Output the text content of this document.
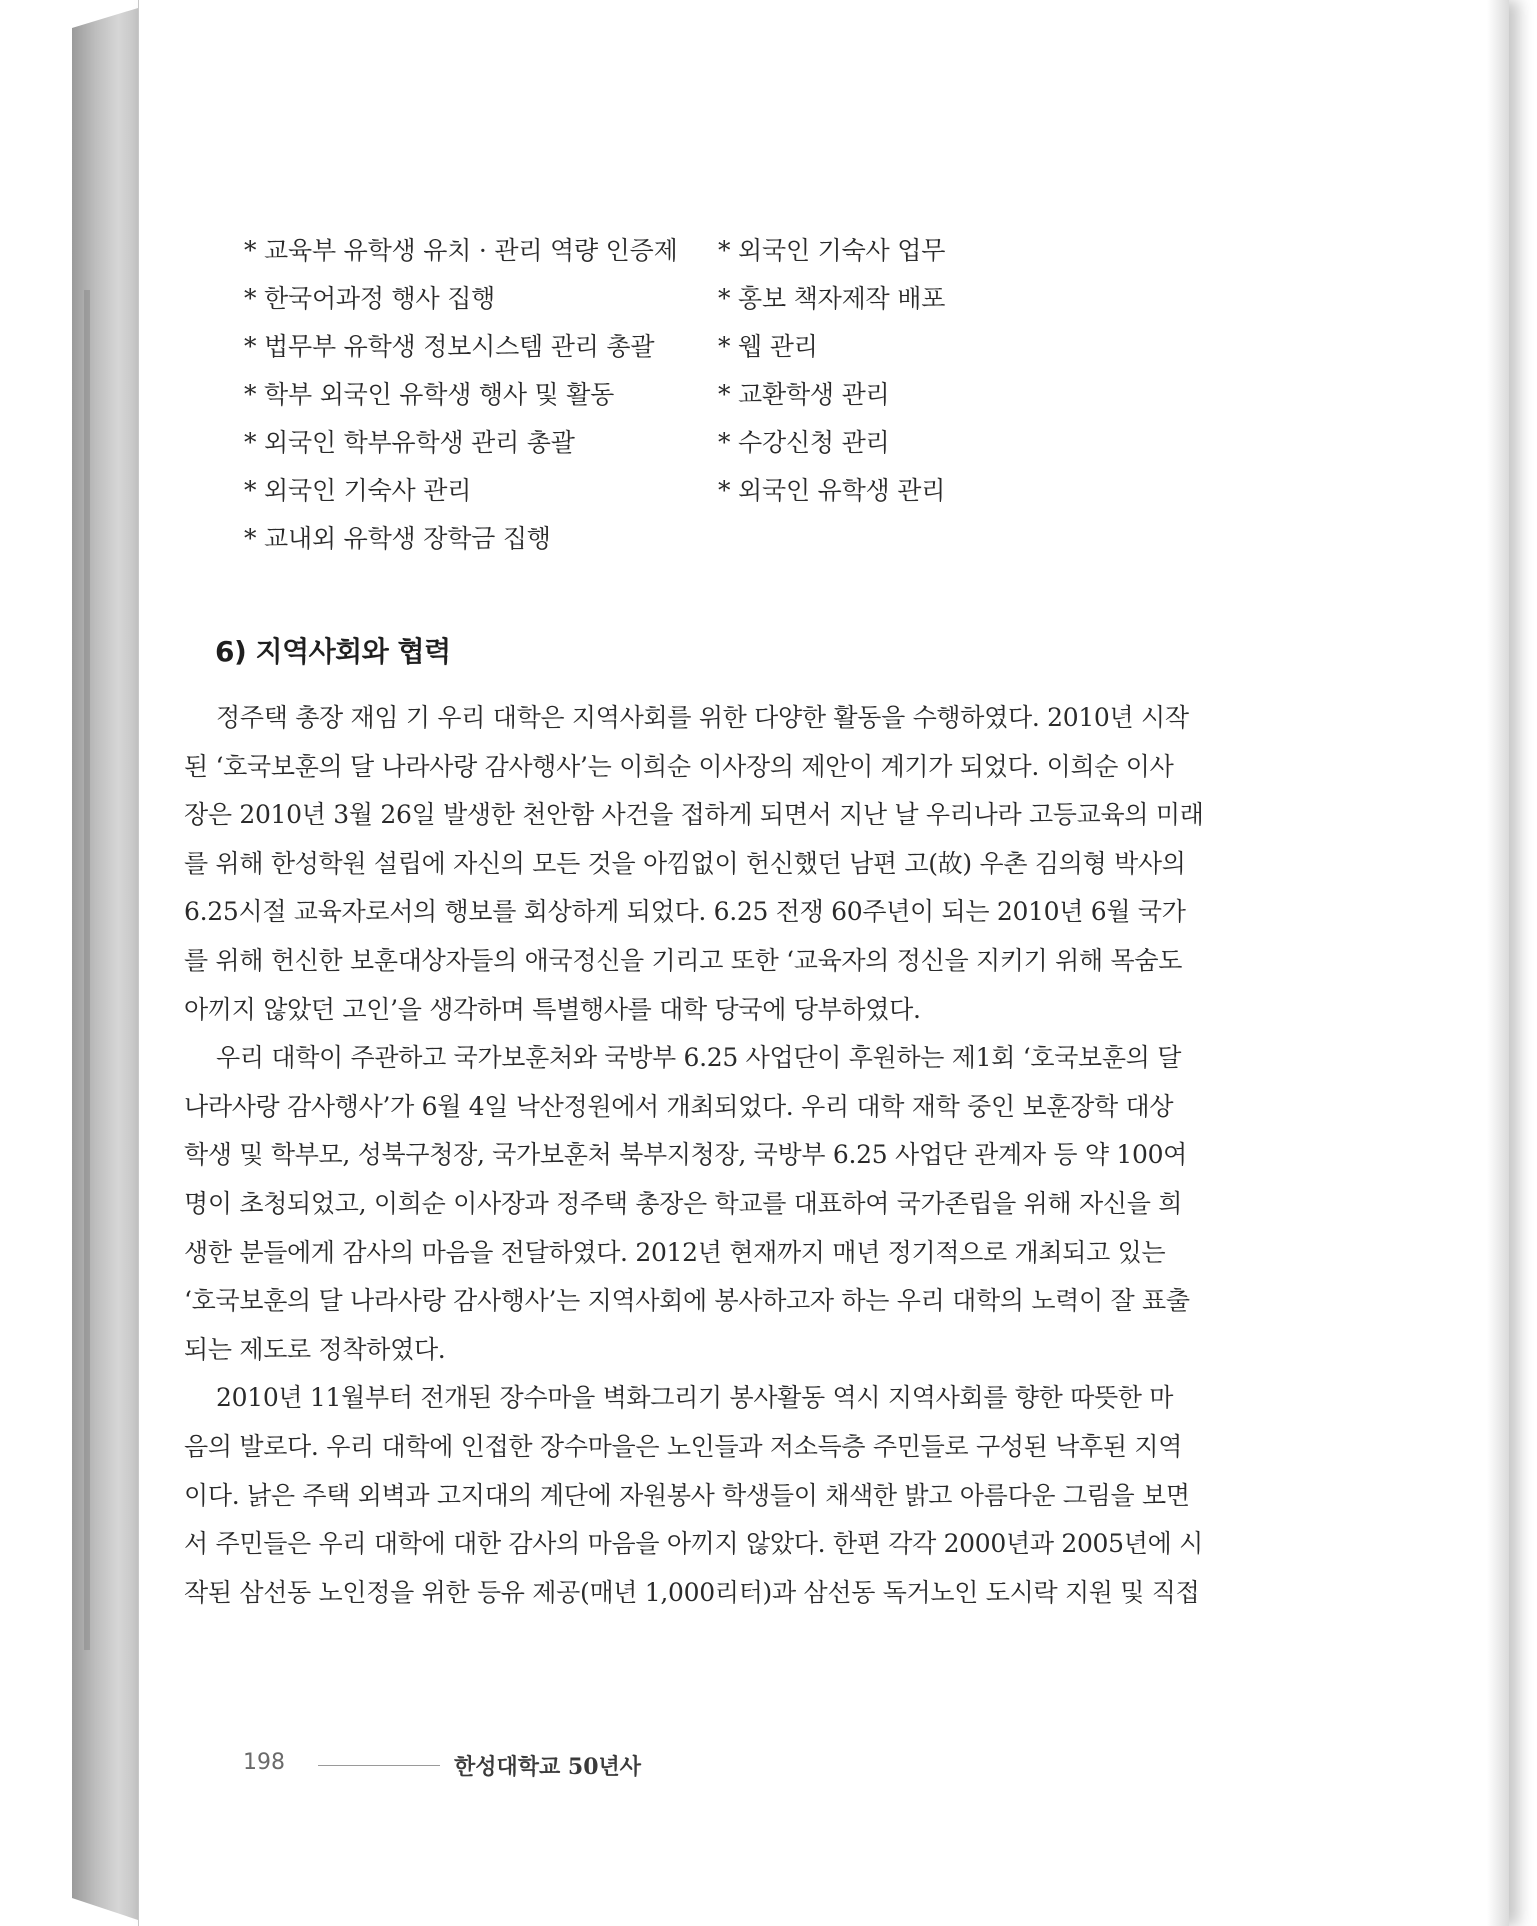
* 교육부 유학생 유치 · 관리 역량 인증제
* 한국어과정 행사 집행
* 법무부 유학생 정보시스템 관리 총괄
* 학부 외국인 유학생 행사 및 활동
* 외국인 학부유학생 관리 총괄
* 외국인 기숙사 관리
* 교내외 유학생 장학금 집행
* 외국인 기숙사 업무
* 홍보 책자제작 배포
* 웹 관리
* 교환학생 관리
* 수강신청 관리
* 외국인 유학생 관리
6) 지역사회와 협력
정주택 총장 재임 기 우리 대학은 지역사회를 위한 다양한 활동을 수행하였다. 2010년 시작
된 ‘호국보훈의 달 나라사랑 감사행사’는 이희순 이사장의 제안이 계기가 되었다. 이희순 이사
장은 2010년 3월 26일 발생한 천안함 사건을 접하게 되면서 지난 날 우리나라 고등교육의 미래
를 위해 한성학원 설립에 자신의 모든 것을 아낌없이 헌신했던 남편 고(故) 우촌 김의형 박사의
6.25시절 교육자로서의 행보를 회상하게 되었다. 6.25 전쟁 60주년이 되는 2010년 6월 국가
를 위해 헌신한 보훈대상자들의 애국정신을 기리고 또한 ‘교육자의 정신을 지키기 위해 목숨도
아끼지 않았던 고인’을 생각하며 특별행사를 대학 당국에 당부하였다.
우리 대학이 주관하고 국가보훈처와 국방부 6.25 사업단이 후원하는 제1회 ‘호국보훈의 달
나라사랑 감사행사’가 6월 4일 낙산정원에서 개최되었다. 우리 대학 재학 중인 보훈장학 대상
학생 및 학부모, 성북구청장, 국가보훈처 북부지청장, 국방부 6.25 사업단 관계자 등 약 100여
명이 초청되었고, 이희순 이사장과 정주택 총장은 학교를 대표하여 국가존립을 위해 자신을 희
생한 분들에게 감사의 마음을 전달하였다. 2012년 현재까지 매년 정기적으로 개최되고 있는
‘호국보훈의 달 나라사랑 감사행사’는 지역사회에 봉사하고자 하는 우리 대학의 노력이 잘 표출
되는 제도로 정착하였다.
2010년 11월부터 전개된 장수마을 벽화그리기 봉사활동 역시 지역사회를 향한 따뜻한 마
음의 발로다. 우리 대학에 인접한 장수마을은 노인들과 저소득층 주민들로 구성된 낙후된 지역
이다. 낡은 주택 외벽과 고지대의 계단에 자원봉사 학생들이 채색한 밝고 아름다운 그림을 보면
서 주민들은 우리 대학에 대한 감사의 마음을 아끼지 않았다. 한편 각각 2000년과 2005년에 시
작된 삼선동 노인정을 위한 등유 제공(매년 1,000리터)과 삼선동 독거노인 도시락 지원 및 직접
198	한성대학교 50년사
